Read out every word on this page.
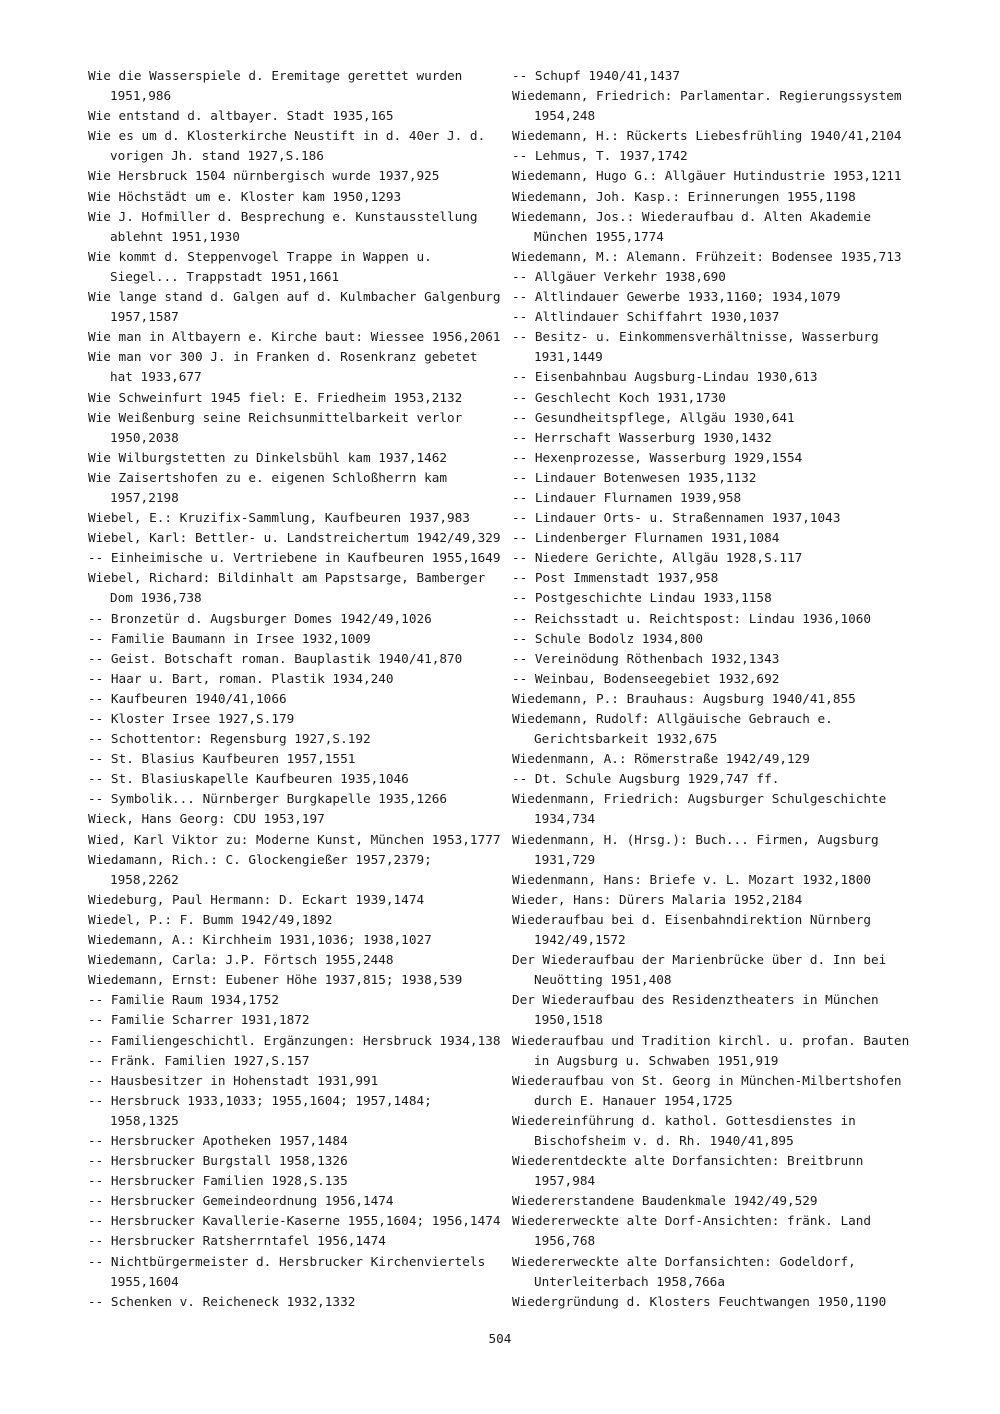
Wie die Wasserspiele d. Eremitage gerettet wurden 1951,986
Wie entstand d. altbayer. Stadt 1935,165
Wie es um d. Klosterkirche Neustift in d. 40er J. d. vorigen Jh. stand 1927,S.186
Wie Hersbruck 1504 nürnbergisch wurde 1937,925
Wie Höchstädt um e. Kloster kam 1950,1293
Wie J. Hofmiller d. Besprechung e. Kunstausstellung ablehnt 1951,1930
Wie kommt d. Steppenvogel Trappe in Wappen u. Siegel... Trappstadt 1951,1661
Wie lange stand d. Galgen auf d. Kulmbacher Galgenburg 1957,1587
Wie man in Altbayern e. Kirche baut: Wiessee 1956,2061
Wie man vor 300 J. in Franken d. Rosenkranz gebetet hat 1933,677
Wie Schweinfurt 1945 fiel: E. Friedheim 1953,2132
Wie Weißenburg seine Reichsunmittelbarkeit verlor 1950,2038
Wie Wilburgstetten zu Dinkelsbühl kam 1937,1462
Wie Zaisertshofen zu e. eigenen Schloßherrn kam 1957,2198
Wiebel, E.: Kruzifix-Sammlung, Kaufbeuren 1937,983
Wiebel, Karl: Bettler- u. Landstreichertum 1942/49,329
-- Einheimische u. Vertriebene in Kaufbeuren 1955,1649
Wiebel, Richard: Bildinhalt am Papstsarge, Bamberger Dom 1936,738
-- Bronzetür d. Augsburger Domes 1942/49,1026
-- Familie Baumann in Irsee 1932,1009
-- Geist. Botschaft roman. Bauplastik 1940/41,870
-- Haar u. Bart, roman. Plastik 1934,240
-- Kaufbeuren 1940/41,1066
-- Kloster Irsee 1927,S.179
-- Schottentor: Regensburg 1927,S.192
-- St. Blasius Kaufbeuren 1957,1551
-- St. Blasiuskapelle Kaufbeuren 1935,1046
-- Symbolik... Nürnberger Burgkapelle 1935,1266
Wieck, Hans Georg: CDU 1953,197
Wied, Karl Viktor zu: Moderne Kunst, München 1953,1777
Wiedamann, Rich.: C. Glockengießer 1957,2379; 1958,2262
Wiedeburg, Paul Hermann: D. Eckart 1939,1474
Wiedel, P.: F. Bumm 1942/49,1892
Wiedemann, A.: Kirchheim 1931,1036; 1938,1027
Wiedemann, Carla: J.P. Förtsch 1955,2448
Wiedemann, Ernst: Eubener Höhe 1937,815; 1938,539
-- Familie Raum 1934,1752
-- Familie Scharrer 1931,1872
-- Familiengeschichtl. Ergänzungen: Hersbruck 1934,138
-- Fränk. Familien 1927,S.157
-- Hausbesitzer in Hohenstadt 1931,991
-- Hersbruck 1933,1033; 1955,1604; 1957,1484; 1958,1325
-- Hersbrucker Apotheken 1957,1484
-- Hersbrucker Burgstall 1958,1326
-- Hersbrucker Familien 1928,S.135
-- Hersbrucker Gemeindeordnung 1956,1474
-- Hersbrucker Kavallerie-Kaserne 1955,1604; 1956,1474
-- Hersbrucker Ratsherrntafel 1956,1474
-- Nichtbürgermeister d. Hersbrucker Kirchenviertels 1955,1604
-- Schenken v. Reicheneck 1932,1332
-- Schupf 1940/41,1437
Wiedemann, Friedrich: Parlamentar. Regierungssystem 1954,248
Wiedemann, H.: Rückerts Liebesfrühling 1940/41,2104
-- Lehmus, T. 1937,1742
Wiedemann, Hugo G.: Allgäuer Hutindustrie 1953,1211
Wiedemann, Joh. Kasp.: Erinnerungen 1955,1198
Wiedemann, Jos.: Wiederaufbau d. Alten Akademie München 1955,1774
Wiedemann, M.: Alemann. Frühzeit: Bodensee 1935,713
-- Allgäuer Verkehr 1938,690
-- Altlindauer Gewerbe 1933,1160; 1934,1079
-- Altlindauer Schiffahrt 1930,1037
-- Besitz- u. Einkommensverhältnisse, Wasserburg 1931,1449
-- Eisenbahnbau Augsburg-Lindau 1930,613
-- Geschlecht Koch 1931,1730
-- Gesundheitspflege, Allgäu 1930,641
-- Herrschaft Wasserburg 1930,1432
-- Hexenprozesse, Wasserburg 1929,1554
-- Lindauer Botenwesen 1935,1132
-- Lindauer Flurnamen 1939,958
-- Lindauer Orts- u. Straßennamen 1937,1043
-- Lindenberger Flurnamen 1931,1084
-- Niedere Gerichte, Allgäu 1928,S.117
-- Post Immenstadt 1937,958
-- Postgeschichte Lindau 1933,1158
-- Reichsstadt u. Reichtspost: Lindau 1936,1060
-- Schule Bodolz 1934,800
-- Vereinödung Röthenbach 1932,1343
-- Weinbau, Bodenseegebiet 1932,692
Wiedemann, P.: Brauhaus: Augsburg 1940/41,855
Wiedemann, Rudolf: Allgäuische Gebrauch e. Gerichtsbarkeit 1932,675
Wiedenmann, A.: Römerstraße 1942/49,129
-- Dt. Schule Augsburg 1929,747 ff.
Wiedenmann, Friedrich: Augsburger Schulgeschichte 1934,734
Wiedenmann, H. (Hrsg.): Buch... Firmen, Augsburg 1931,729
Wiedenmann, Hans: Briefe v. L. Mozart 1932,1800
Wieder, Hans: Dürers Malaria 1952,2184
Wiederaufbau bei d. Eisenbahndirektion Nürnberg 1942/49,1572
Der Wiederaufbau der Marienbrücke über d. Inn bei Neuötting 1951,408
Der Wiederaufbau des Residenztheaters in München 1950,1518
Wiederaufbau und Tradition kirchl. u. profan. Bauten in Augsburg u. Schwaben 1951,919
Wiederaufbau von St. Georg in München-Milbertshofen durch E. Hanauer 1954,1725
Wiedereinführung d. kathol. Gottesdienstes in Bischofsheim v. d. Rh. 1940/41,895
Wiederentdeckte alte Dorfansichten: Breitbrunn 1957,984
Wiedererstandene Baudenkmale 1942/49,529
Wiedererweckte alte Dorf-Ansichten: fränk. Land 1956,768
Wiedererweckte alte Dorfansichten: Godeldorf, Unterleiterbach 1958,766a
Wiedergründung d. Klosters Feuchtwangen 1950,1190
504
